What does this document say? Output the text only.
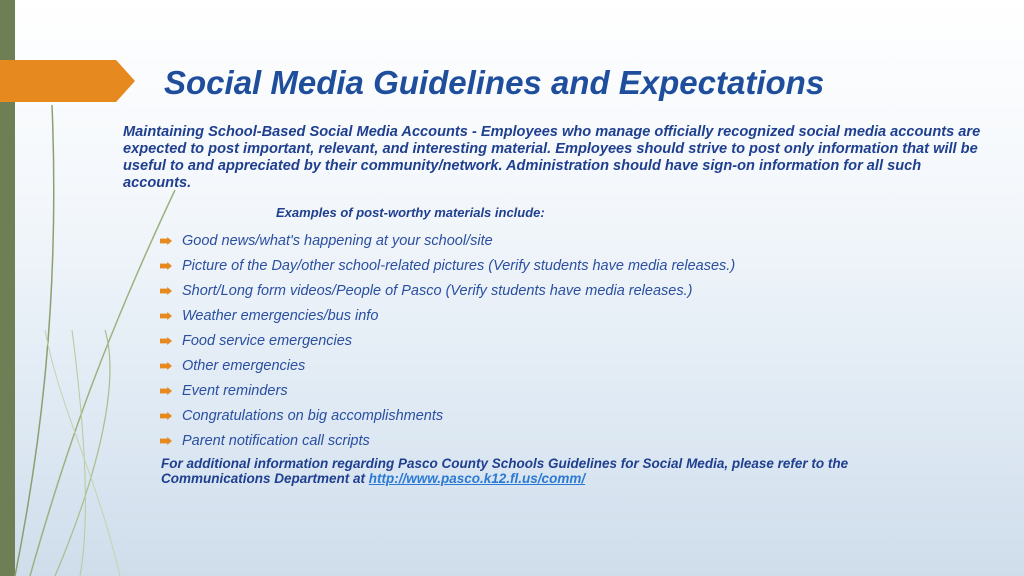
Social Media Guidelines and Expectations
Maintaining School-Based Social Media Accounts - Employees who manage officially recognized social media accounts are expected to post important, relevant, and interesting material. Employees should strive to post only information that will be useful to and appreciated by their community/network. Administration should have sign-on information for all such accounts.
Examples of post-worthy materials include:
Good news/what's happening at your school/site
Picture of the Day/other school-related pictures (Verify students have media releases.)
Short/Long form videos/People of Pasco (Verify students have media releases.)
Weather emergencies/bus info
Food service emergencies
Other emergencies
Event reminders
Congratulations on big accomplishments
Parent notification call scripts
For additional information regarding Pasco County Schools Guidelines for Social Media, please refer to the Communications Department at http://www.pasco.k12.fl.us/comm/
